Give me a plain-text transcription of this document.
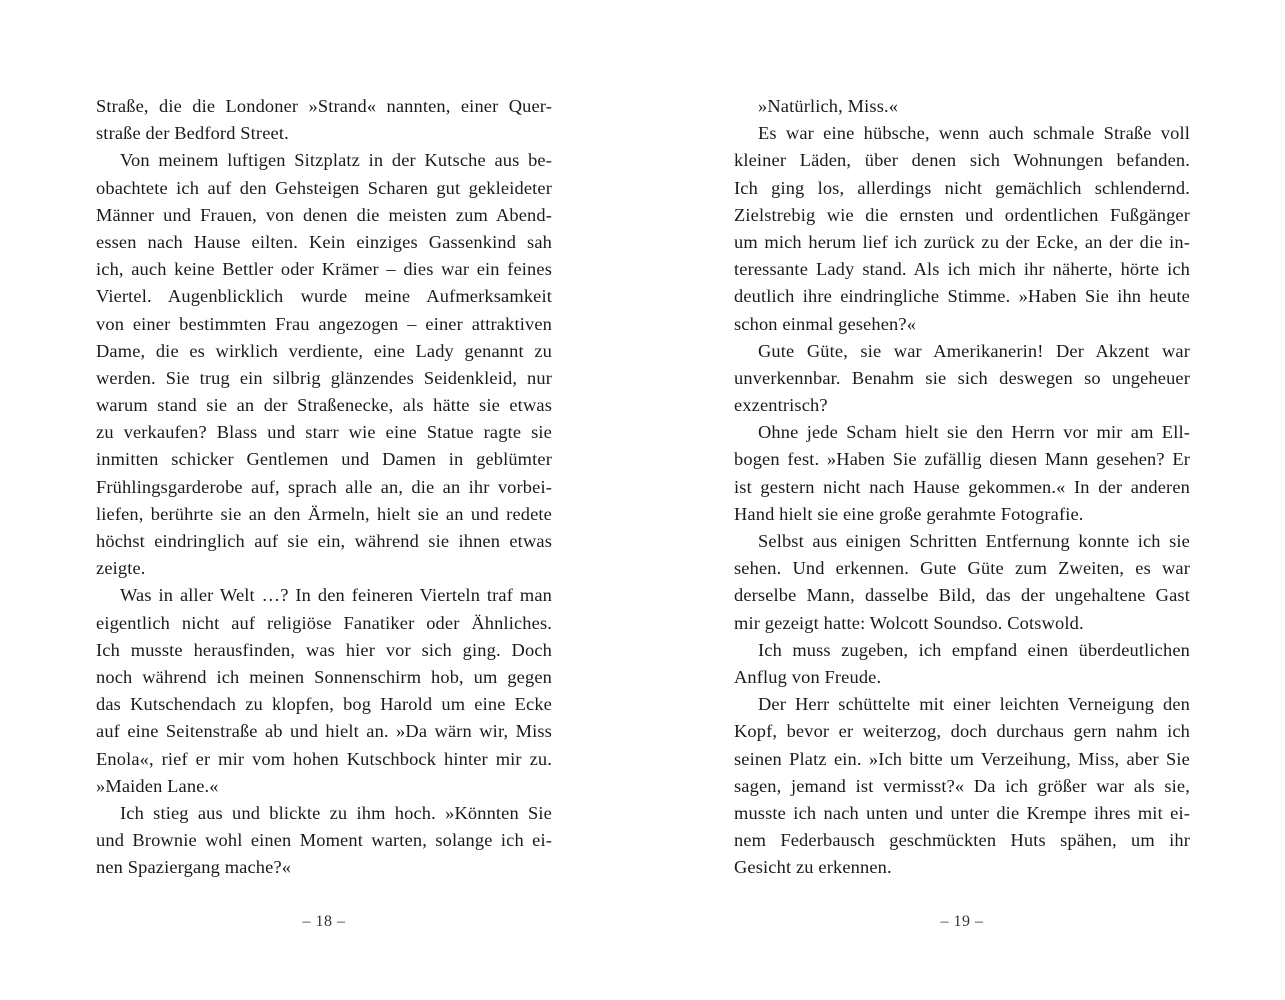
Straße, die die Londoner »Strand« nannten, einer Quer-
straße der Bedford Street.
Von meinem luftigen Sitzplatz in der Kutsche aus be-
obachtete ich auf den Gehsteigen Scharen gut gekleideter
Männer und Frauen, von denen die meisten zum Abend-
essen nach Hause eilten. Kein einziges Gassenkind sah
ich, auch keine Bettler oder Krämer – dies war ein feines
Viertel. Augenblicklich wurde meine Aufmerksamkeit
von einer bestimmten Frau angezogen – einer attraktiven
Dame, die es wirklich verdiente, eine Lady genannt zu
werden. Sie trug ein silbrig glänzendes Seidenkleid, nur
warum stand sie an der Straßenecke, als hätte sie etwas
zu verkaufen? Blass und starr wie eine Statue ragte sie
inmitten schicker Gentlemen und Damen in geblümter
Frühlingsgarderobe auf, sprach alle an, die an ihr vorbei-
liefen, berührte sie an den Ärmeln, hielt sie an und redete
höchst eindringlich auf sie ein, während sie ihnen etwas
zeigte.
Was in aller Welt …? In den feineren Vierteln traf man
eigentlich nicht auf religiöse Fanatiker oder Ähnliches.
Ich musste herausfinden, was hier vor sich ging. Doch
noch während ich meinen Sonnenschirm hob, um gegen
das Kutschendach zu klopfen, bog Harold um eine Ecke
auf eine Seitenstraße ab und hielt an. »Da wärn wir, Miss
Enola«, rief er mir vom hohen Kutschbock hinter mir zu.
»Maiden Lane.«
Ich stieg aus und blickte zu ihm hoch. »Könnten Sie
und Brownie wohl einen Moment warten, solange ich ei-
nen Spaziergang mache?«
»Natürlich, Miss.«
Es war eine hübsche, wenn auch schmale Straße voll
kleiner Läden, über denen sich Wohnungen befanden.
Ich ging los, allerdings nicht gemächlich schlendernd.
Zielstrebig wie die ernsten und ordentlichen Fußgänger
um mich herum lief ich zurück zu der Ecke, an der die in-
teressante Lady stand. Als ich mich ihr näherte, hörte ich
deutlich ihre eindringliche Stimme. »Haben Sie ihn heute
schon einmal gesehen?«
Gute Güte, sie war Amerikanerin! Der Akzent war
unverkennbar. Benahm sie sich deswegen so ungeheuer
exzentrisch?
Ohne jede Scham hielt sie den Herrn vor mir am Ell-
bogen fest. »Haben Sie zufällig diesen Mann gesehen? Er
ist gestern nicht nach Hause gekommen.« In der anderen
Hand hielt sie eine große gerahmte Fotografie.
Selbst aus einigen Schritten Entfernung konnte ich sie
sehen. Und erkennen. Gute Güte zum Zweiten, es war
derselbe Mann, dasselbe Bild, das der ungehaltene Gast
mir gezeigt hatte: Wolcott Soundso. Cotswold.
Ich muss zugeben, ich empfand einen überdeutlichen
Anflug von Freude.
Der Herr schüttelte mit einer leichten Verneigung den
Kopf, bevor er weiterzog, doch durchaus gern nahm ich
seinen Platz ein. »Ich bitte um Verzeihung, Miss, aber Sie
sagen, jemand ist vermisst?« Da ich größer war als sie,
musste ich nach unten und unter die Krempe ihres mit ei-
nem Federbausch geschmückten Huts spähen, um ihr
Gesicht zu erkennen.
– 18 –	– 19 –
